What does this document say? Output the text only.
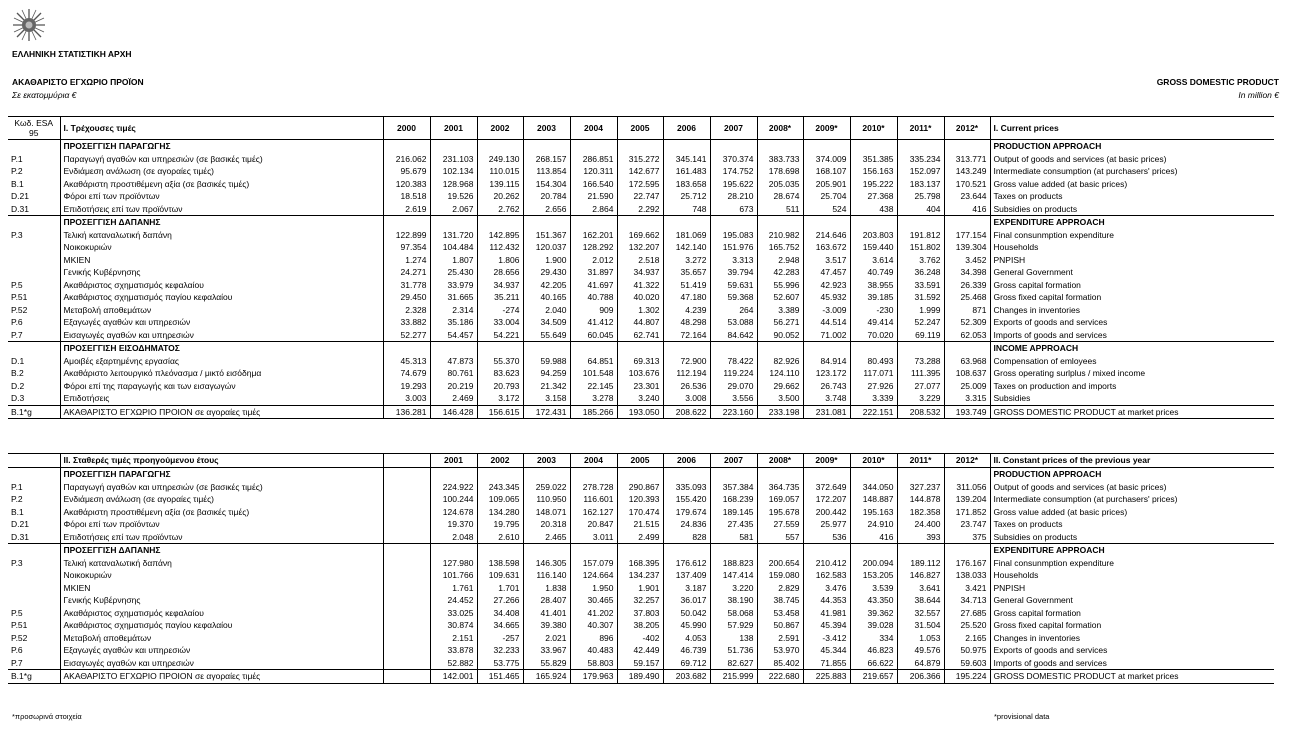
ΕΛΛΗΝΙΚΗ ΣΤΑΤΙΣΤΙΚΗ ΑΡΧΗ
ΑΚΑΘΑΡΙΣΤΟ ΕΓΧΩΡΙΟ ΠΡΟΪΟΝ
Σε εκατομμύρια €
GROSS DOMESTIC PRODUCT
In million €
Κωδ. ESA 95	I. Τρέχουσες τιμές	2000	2001	2002	2003	2004	2005	2006	2007	2008*	2009*	2010*	2011*	2012*	I. Current prices
	ΠΡΟΣΕΓΓΙΣΗ ΠΑΡΑΓΩΓΗΣ														PRODUCTION APPROACH
P.1	Παραγωγή αγαθών και υπηρεσιών (σε βασικές τιμές)	216.062	231.103	249.130	268.157	286.851	315.272	345.141	370.374	383.733	374.009	351.385	335.234	313.771	Output of goods and services (at basic prices)
P.2	Ενδιάμεση ανάλωση (σε αγοραίες τιμές)	95.679	102.134	110.015	113.854	120.311	142.677	161.483	174.752	178.698	168.107	156.163	152.097	143.249	Intermediate consumption (at purchasers' prices)
B.1	Ακαθάριστη προστιθέμενη αξία (σε βασικές τιμές)	120.383	128.968	139.115	154.304	166.540	172.595	183.658	195.622	205.035	205.901	195.222	183.137	170.521	Gross value added (at basic prices)
D.21	Φόροι επί των προϊόντων	18.518	19.526	20.262	20.784	21.590	22.747	25.712	28.210	28.674	25.704	27.368	25.798	23.644	Taxes on products
D.31	Επιδοτήσεις επί των προϊόντων	2.619	2.067	2.762	2.656	2.864	2.292	748	673	511	524	438	404	416	Subsidies on products
	ΠΡΟΣΕΓΓΙΣΗ ΔΑΠΑΝΗΣ														EXPENDITURE APPROACH
P.3	Τελική καταναλωτική δαπάνη	122.899	131.720	142.895	151.367	162.201	169.662	181.069	195.083	210.982	214.646	203.803	191.812	177.154	Final consunmption expenditure
	Νοικοκυριών	97.354	104.484	112.432	120.037	128.292	132.207	142.140	151.976	165.752	163.672	159.440	151.802	139.304	Households
	ΜΚΙΕΝ	1.274	1.807	1.806	1.900	2.012	2.518	3.272	3.313	2.948	3.517	3.614	3.762	3.452	PNPISH
	Γενικής Κυβέρνησης	24.271	25.430	28.656	29.430	31.897	34.937	35.657	39.794	42.283	47.457	40.749	36.248	34.398	General Government
P.5	Ακαθάριστος σχηματισμός κεφαλαίου	31.778	33.979	34.937	42.205	41.697	41.322	51.419	59.631	55.996	42.923	38.955	33.591	26.339	Gross capital formation
P.51	Ακαθάριστος σχηματισμός παγίου κεφαλαίου	29.450	31.665	35.211	40.165	40.788	40.020	47.180	59.368	52.607	45.932	39.185	31.592	25.468	Gross fixed capital formation
P.52	Μεταβολή αποθεμάτων	2.328	2.314	-274	2.040	909	1.302	4.239	264	3.389	-3.009	-230	1.999	871	Changes in inventories
P.6	Εξαγωγές αγαθών και υπηρεσιών	33.882	35.186	33.004	34.509	41.412	44.807	48.298	53.088	56.271	44.514	49.414	52.247	52.309	Exports of goods and services
P.7	Εισαγωγές αγαθών και υπηρεσιών	52.277	54.457	54.221	55.649	60.045	62.741	72.164	84.642	90.052	71.002	70.020	69.119	62.053	Imports of goods and services
	ΠΡΟΣΕΓΓΙΣΗ ΕΙΣΟΔΗΜΑΤΟΣ														INCOME APPROACH
D.1	Αμοιβές εξαρτημένης εργασίας	45.313	47.873	55.370	59.988	64.851	69.313	72.900	78.422	82.926	84.914	80.493	73.288	63.968	Compensation of emloyees
B.2	Ακαθάριστο λειτουργικό πλεόνασμα / μικτό εισόδημα	74.679	80.761	83.623	94.259	101.548	103.676	112.194	119.224	124.110	123.172	117.071	111.395	108.637	Gross operating surlplus / mixed income
D.2	Φόροι επί της παραγωγής και των εισαγωγών	19.293	20.219	20.793	21.342	22.145	23.301	26.536	29.070	29.662	26.743	27.926	27.077	25.009	Taxes on production and imports
D.3	Επιδοτήσεις	3.003	2.469	3.172	3.158	3.278	3.240	3.008	3.556	3.500	3.748	3.339	3.229	3.315	Subsidies
B.1*g	ΑΚΑΘΑΡΙΣΤΟ ΕΓΧΩΡΙΟ ΠΡΟΙΟΝ σε αγοραίες τιμές	136.281	146.428	156.615	172.431	185.266	193.050	208.622	223.160	233.198	231.081	222.151	208.532	193.749	GROSS DOMESTIC PRODUCT at market prices
	II. Σταθερές τιμές προηγούμενου έτους		2001	2002	2003	2004	2005	2006	2007	2008*	2009*	2010*	2011*	2012*	II. Constant prices of the previous year
	ΠΡΟΣΕΓΓΙΣΗ ΠΑΡΑΓΩΓΗΣ														PRODUCTION APPROACH
P.1	Παραγωγή αγαθών και υπηρεσιών (σε βασικές τιμές)		224.922	243.345	259.022	278.728	290.867	335.093	357.384	364.735	372.649	344.050	327.237	311.056	Output of goods and services (at basic prices)
P.2	Ενδιάμεση ανάλωση (σε αγοραίες τιμές)		100.244	109.065	110.950	116.601	120.393	155.420	168.239	169.057	172.207	148.887	144.878	139.204	Intermediate consumption (at purchasers' prices)
B.1	Ακαθάριστη προστιθέμενη αξία (σε βασικές τιμές)		124.678	134.280	148.071	162.127	170.474	179.674	189.145	195.678	200.442	195.163	182.358	171.852	Gross value added (at basic prices)
D.21	Φόροι επί των προϊόντων		19.370	19.795	20.318	20.847	21.515	24.836	27.435	27.559	25.977	24.910	24.400	23.747	Taxes on products
D.31	Επιδοτήσεις επί των προϊόντων		2.048	2.610	2.465	3.011	2.499	828	581	557	536	416	393	375	Subsidies on products
	ΠΡΟΣΕΓΓΙΣΗ ΔΑΠΑΝΗΣ														EXPENDITURE APPROACH
P.3	Τελική καταναλωτική δαπάνη		127.980	138.598	146.305	157.079	168.395	176.612	188.823	200.654	210.412	200.094	189.112	176.167	Final consunmption expenditure
	Νοικοκυριών		101.766	109.631	116.140	124.664	134.237	137.409	147.414	159.080	162.583	153.205	146.827	138.033	Households
	ΜΚΙΕΝ		1.761	1.701	1.838	1.950	1.901	3.187	3.220	2.829	3.476	3.539	3.641	3.421	PNPISH
	Γενικής Κυβέρνησης		24.452	27.266	28.407	30.465	32.257	36.017	38.190	38.745	44.353	43.350	38.644	34.713	General Government
P.5	Ακαθάριστος σχηματισμός κεφαλαίου		33.025	34.408	41.401	41.202	37.803	50.042	58.068	53.458	41.981	39.362	32.557	27.685	Gross capital formation
P.51	Ακαθάριστος σχηματισμός παγίου κεφαλαίου		30.874	34.665	39.380	40.307	38.205	45.990	57.929	50.867	45.394	39.028	31.504	25.520	Gross fixed capital formation
P.52	Μεταβολή αποθεμάτων		2.151	-257	2.021	896	-402	4.053	138	2.591	-3.412	334	1.053	2.165	Changes in inventories
P.6	Εξαγωγές αγαθών και υπηρεσιών		33.878	32.233	33.967	40.483	42.449	46.739	51.736	53.970	45.344	46.823	49.576	50.975	Exports of goods and services
P.7	Εισαγωγές αγαθών και υπηρεσιών		52.882	53.775	55.829	58.803	59.157	69.712	82.627	85.402	71.855	66.622	64.879	59.603	Imports of goods and services
B.1*g	ΑΚΑΘΑΡΙΣΤΟ ΕΓΧΩΡΙΟ ΠΡΟΙΟΝ σε αγοραίες τιμές		142.001	151.465	165.924	179.963	189.490	203.682	215.999	222.680	225.883	219.657	206.366	195.224	GROSS DOMESTIC PRODUCT at market prices
*προσωρινά στοιχεία	*provisional data
